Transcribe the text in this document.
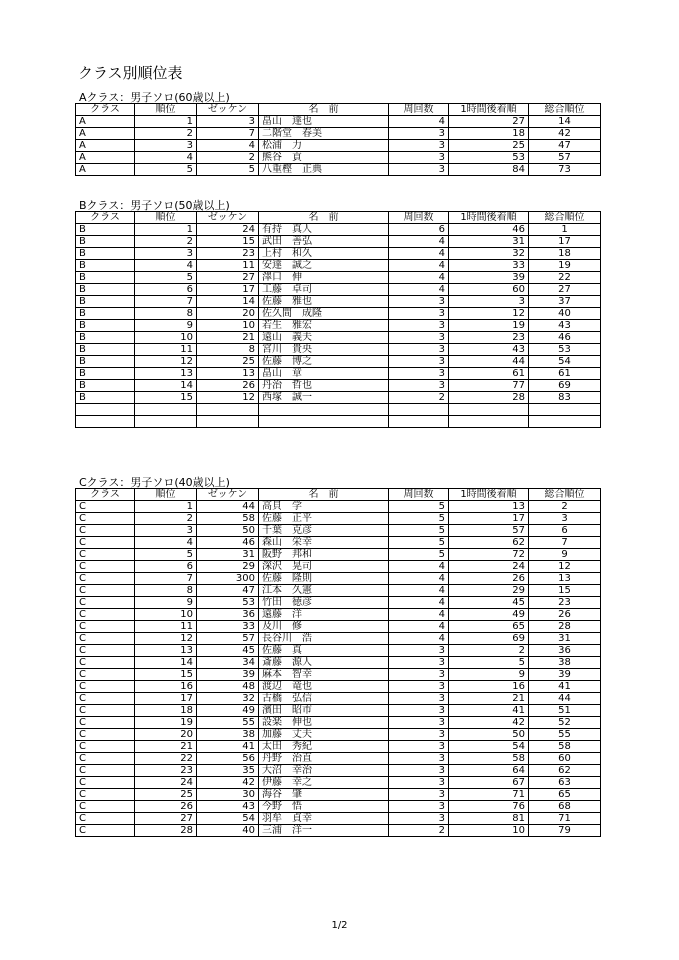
クラス別順位表
Aクラス：男子ソロ(60歳以上)
クラス	順位	ゼッケン	名　前	周回数	1時間後着順	総合順位
A	1	3	畠山　達也	4	27	14
A	2	7	二階堂　春美	3	18	42
A	3	4	松浦　力	3	25	47
A	4	2	熊谷　貢	3	53	57
A	5	5	八重樫　正典	3	84	73
Bクラス：男子ソロ(50歳以上)
クラス	順位	ゼッケン	名　前	周回数	1時間後着順	総合順位
B	1	24	有持　真人	6	46	1
B	2	15	武田　善弘	4	31	17
B	3	23	上村　和久	4	32	18
B	4	11	安達　誠之	4	33	19
B	5	27	澤口　伸	4	39	22
B	6	17	工藤　卓司	4	60	27
B	7	14	佐藤　雅也	3	3	37
B	8	20	佐久間　成隆	3	12	40
B	9	10	若生　雅宏	3	19	43
B	10	21	遠山　義夫	3	23	46
B	11	8	宮川　貴央	3	43	53
B	12	25	佐藤　博之	3	44	54
B	13	13	畠山　章	3	61	61
B	14	26	丹治　哲也	3	77	69
B	15	12	西塚　誠一	2	28	83

Cクラス：男子ソロ(40歳以上)
クラス	順位	ゼッケン	名　前	周回数	1時間後着順	総合順位
C	1	44	高貝　学	5	13	2
C	2	58	佐藤　正平	5	17	3
C	3	50	千葉　克彦	5	57	6
C	4	46	森山　栄幸	5	62	7
C	5	31	阪野　邦和	5	72	9
C	6	29	深沢　晃司	4	24	12
C	7	300	佐藤　隆則	4	26	13
C	8	47	江本　久憲	4	29	15
C	9	53	竹田　徳彦	4	45	23
C	10	36	遠藤　洋	4	49	26
C	11	33	及川　修	4	65	28
C	12	57	長谷川　浩	4	69	31
C	13	45	佐藤　真	3	2	36
C	14	34	斎藤　源人	3	5	38
C	15	39	麻本　智幸	3	9	39
C	16	48	渡辺　竜也	3	16	41
C	17	32	古橋　弘信	3	21	44
C	18	49	濱田　昭市	3	41	51
C	19	55	設楽　伸也	3	42	52
C	20	38	加藤　丈夫	3	50	55
C	21	41	太田　秀紀	3	54	58
C	22	56	丹野　治直	3	58	60
C	23	35	大沼　幸治	3	64	62
C	24	42	伊藤　幸之	3	67	63
C	25	30	海谷　肇	3	71	65
C	26	43	今野　悟	3	76	68
C	27	54	羽牟　貞幸	3	81	71
C	28	40	三浦　洋一	2	10	79
1/2
